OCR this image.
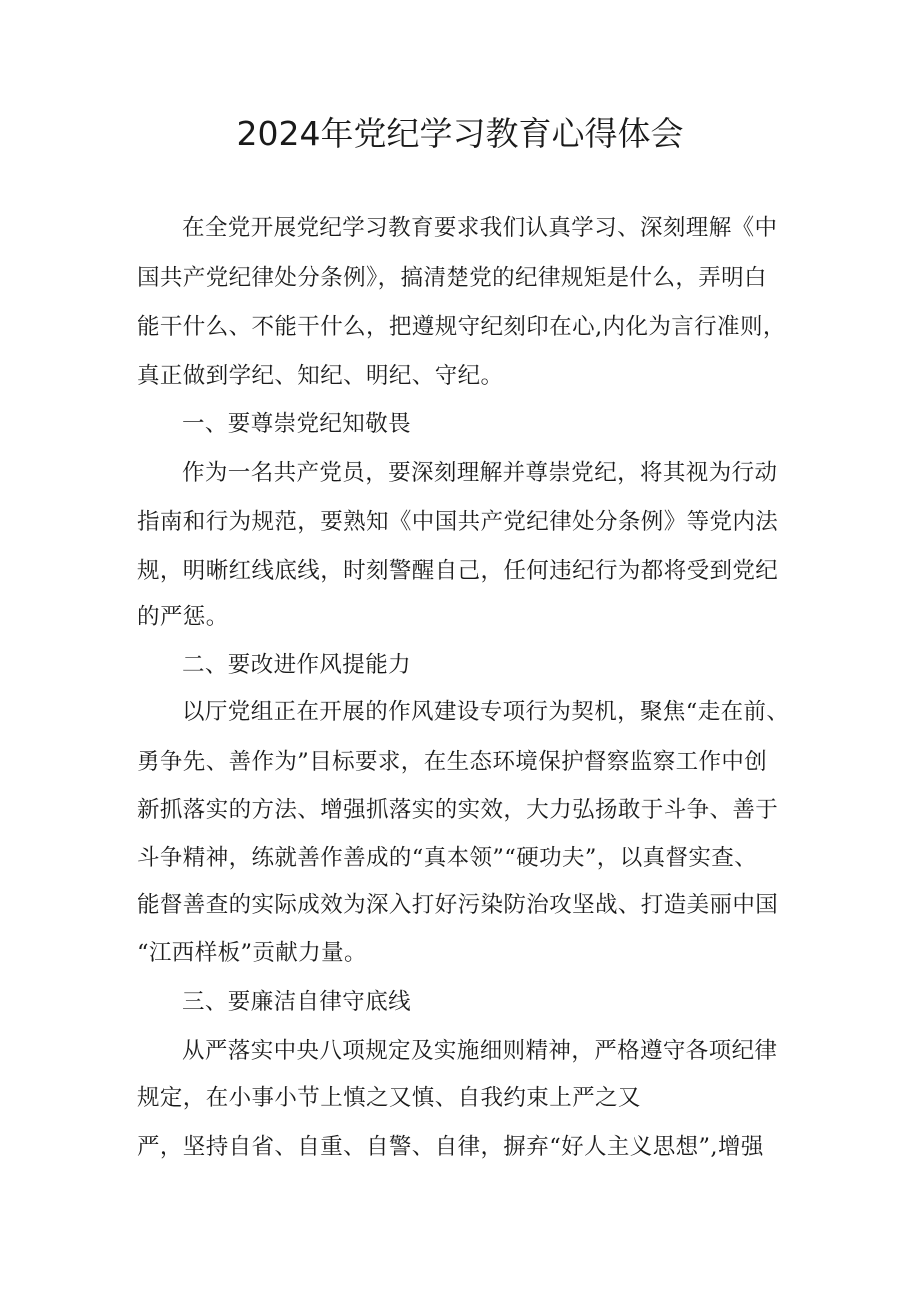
2024年党纪学习教育心得体会
在全党开展党纪学习教育要求我们认真学习、深刻理解《中
国共产党纪律处分条例》，搞清楚党的纪律规矩是什么，弄明白
能干什么、不能干什么，把遵规守纪刻印在心,内化为言行准则，
真正做到学纪、知纪、明纪、守纪。
一、要尊崇党纪知敬畏
作为一名共产党员，要深刻理解并尊崇党纪，将其视为行动
指南和行为规范，要熟知《中国共产党纪律处分条例》等党内法
规，明晰红线底线，时刻警醒自己，任何违纪行为都将受到党纪
的严惩。
二、要改进作风提能力
以厅党组正在开展的作风建设专项行为契机，聚焦“走在前、
勇争先、善作为”目标要求，在生态环境保护督察监察工作中创
新抓落实的方法、增强抓落实的实效，大力弘扬敢于斗争、善于
斗争精神，练就善作善成的“真本领”“硬功夫”，以真督实查、
能督善查的实际成效为深入打好污染防治攻坚战、打造美丽中国
“江西样板”贡献力量。
三、要廉洁自律守底线
从严落实中央八项规定及实施细则精神，严格遵守各项纪律
规定，在小事小节上慎之又慎、自我约束上严之又
严，坚持自省、自重、自警、自律，摒弃“好人主义思想”,增强
